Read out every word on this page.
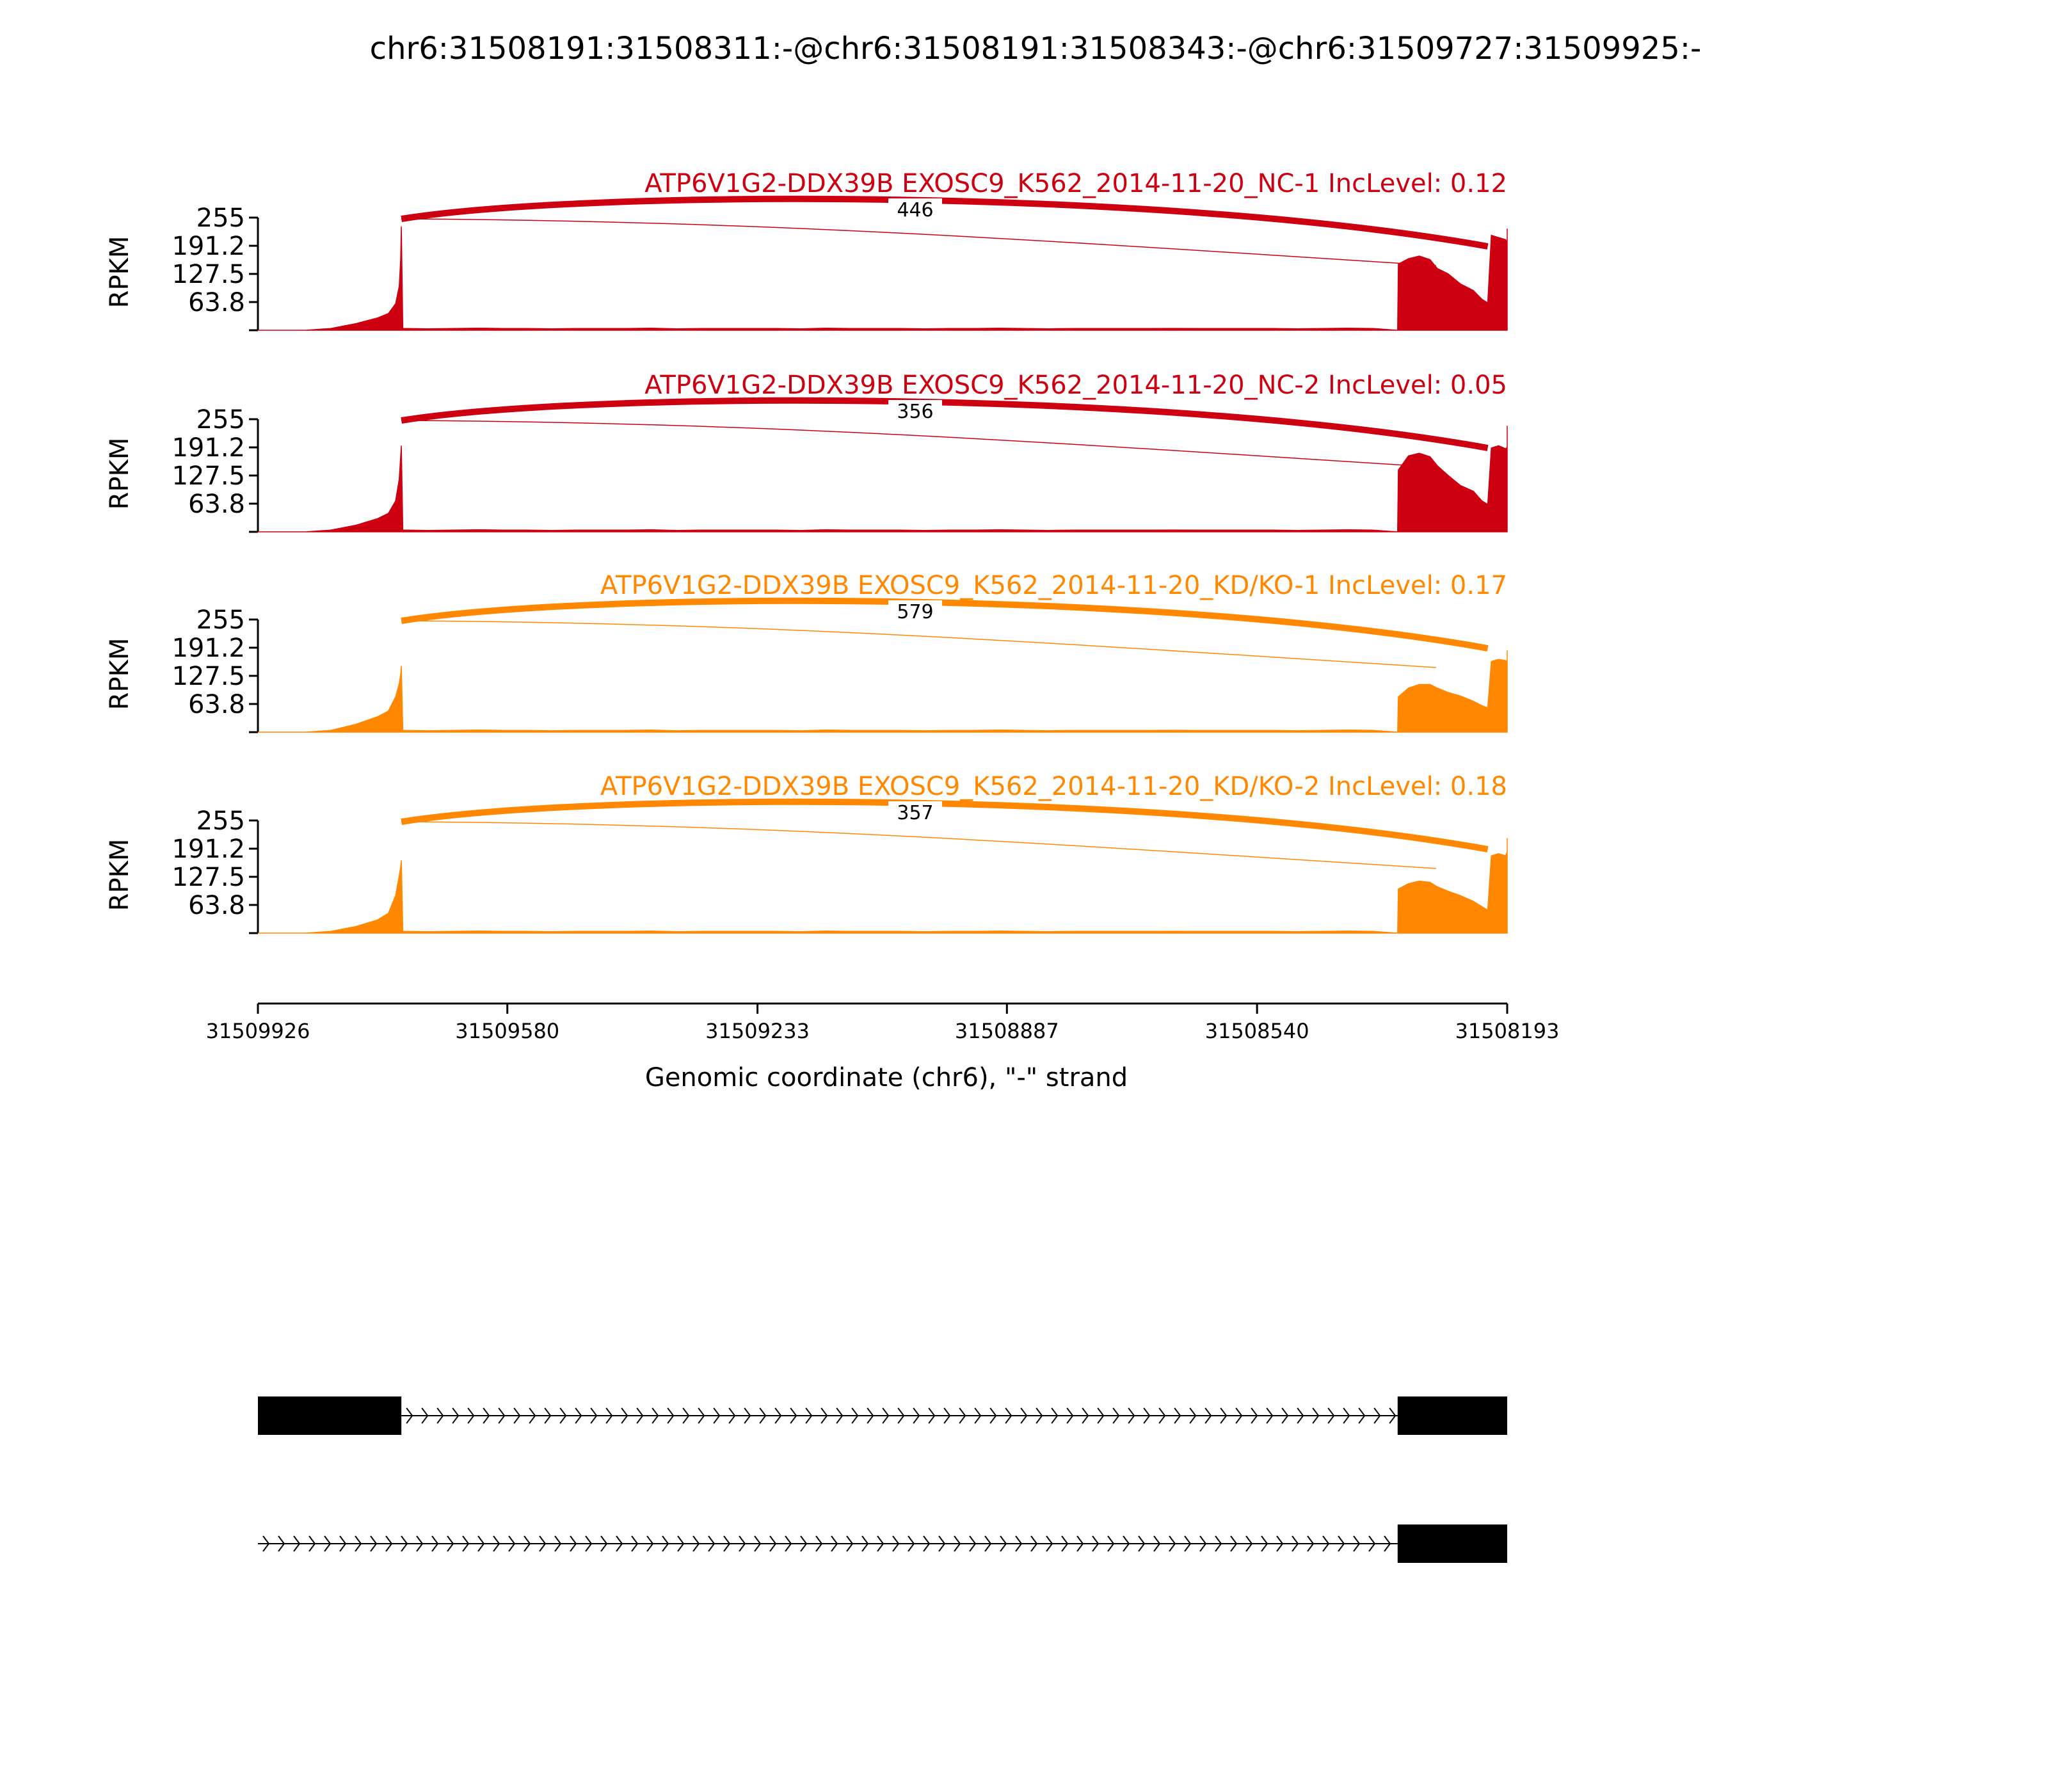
chr6:31508191:31508311:-@chr6:31508191:31508343:-@chr6:31509727:31509925:-
255
191.2
127.5
63.8
RPKM
446
ATP6V1G2-DDX39B EXOSC9_K562_2014-11-20_NC-1 IncLevel: 0.12
255
191.2
127.5
63.8
RPKM
356
ATP6V1G2-DDX39B EXOSC9_K562_2014-11-20_NC-2 IncLevel: 0.05
255
191.2
127.5
63.8
RPKM
579
ATP6V1G2-DDX39B EXOSC9_K562_2014-11-20_KD/KO-1 IncLevel: 0.17
255
191.2
127.5
63.8
RPKM
357
ATP6V1G2-DDX39B EXOSC9_K562_2014-11-20_KD/KO-2 IncLevel: 0.18
31509926	31509580	31509233	31508887	31508540	31508193
Genomic coordinate (chr6), "-" strand
